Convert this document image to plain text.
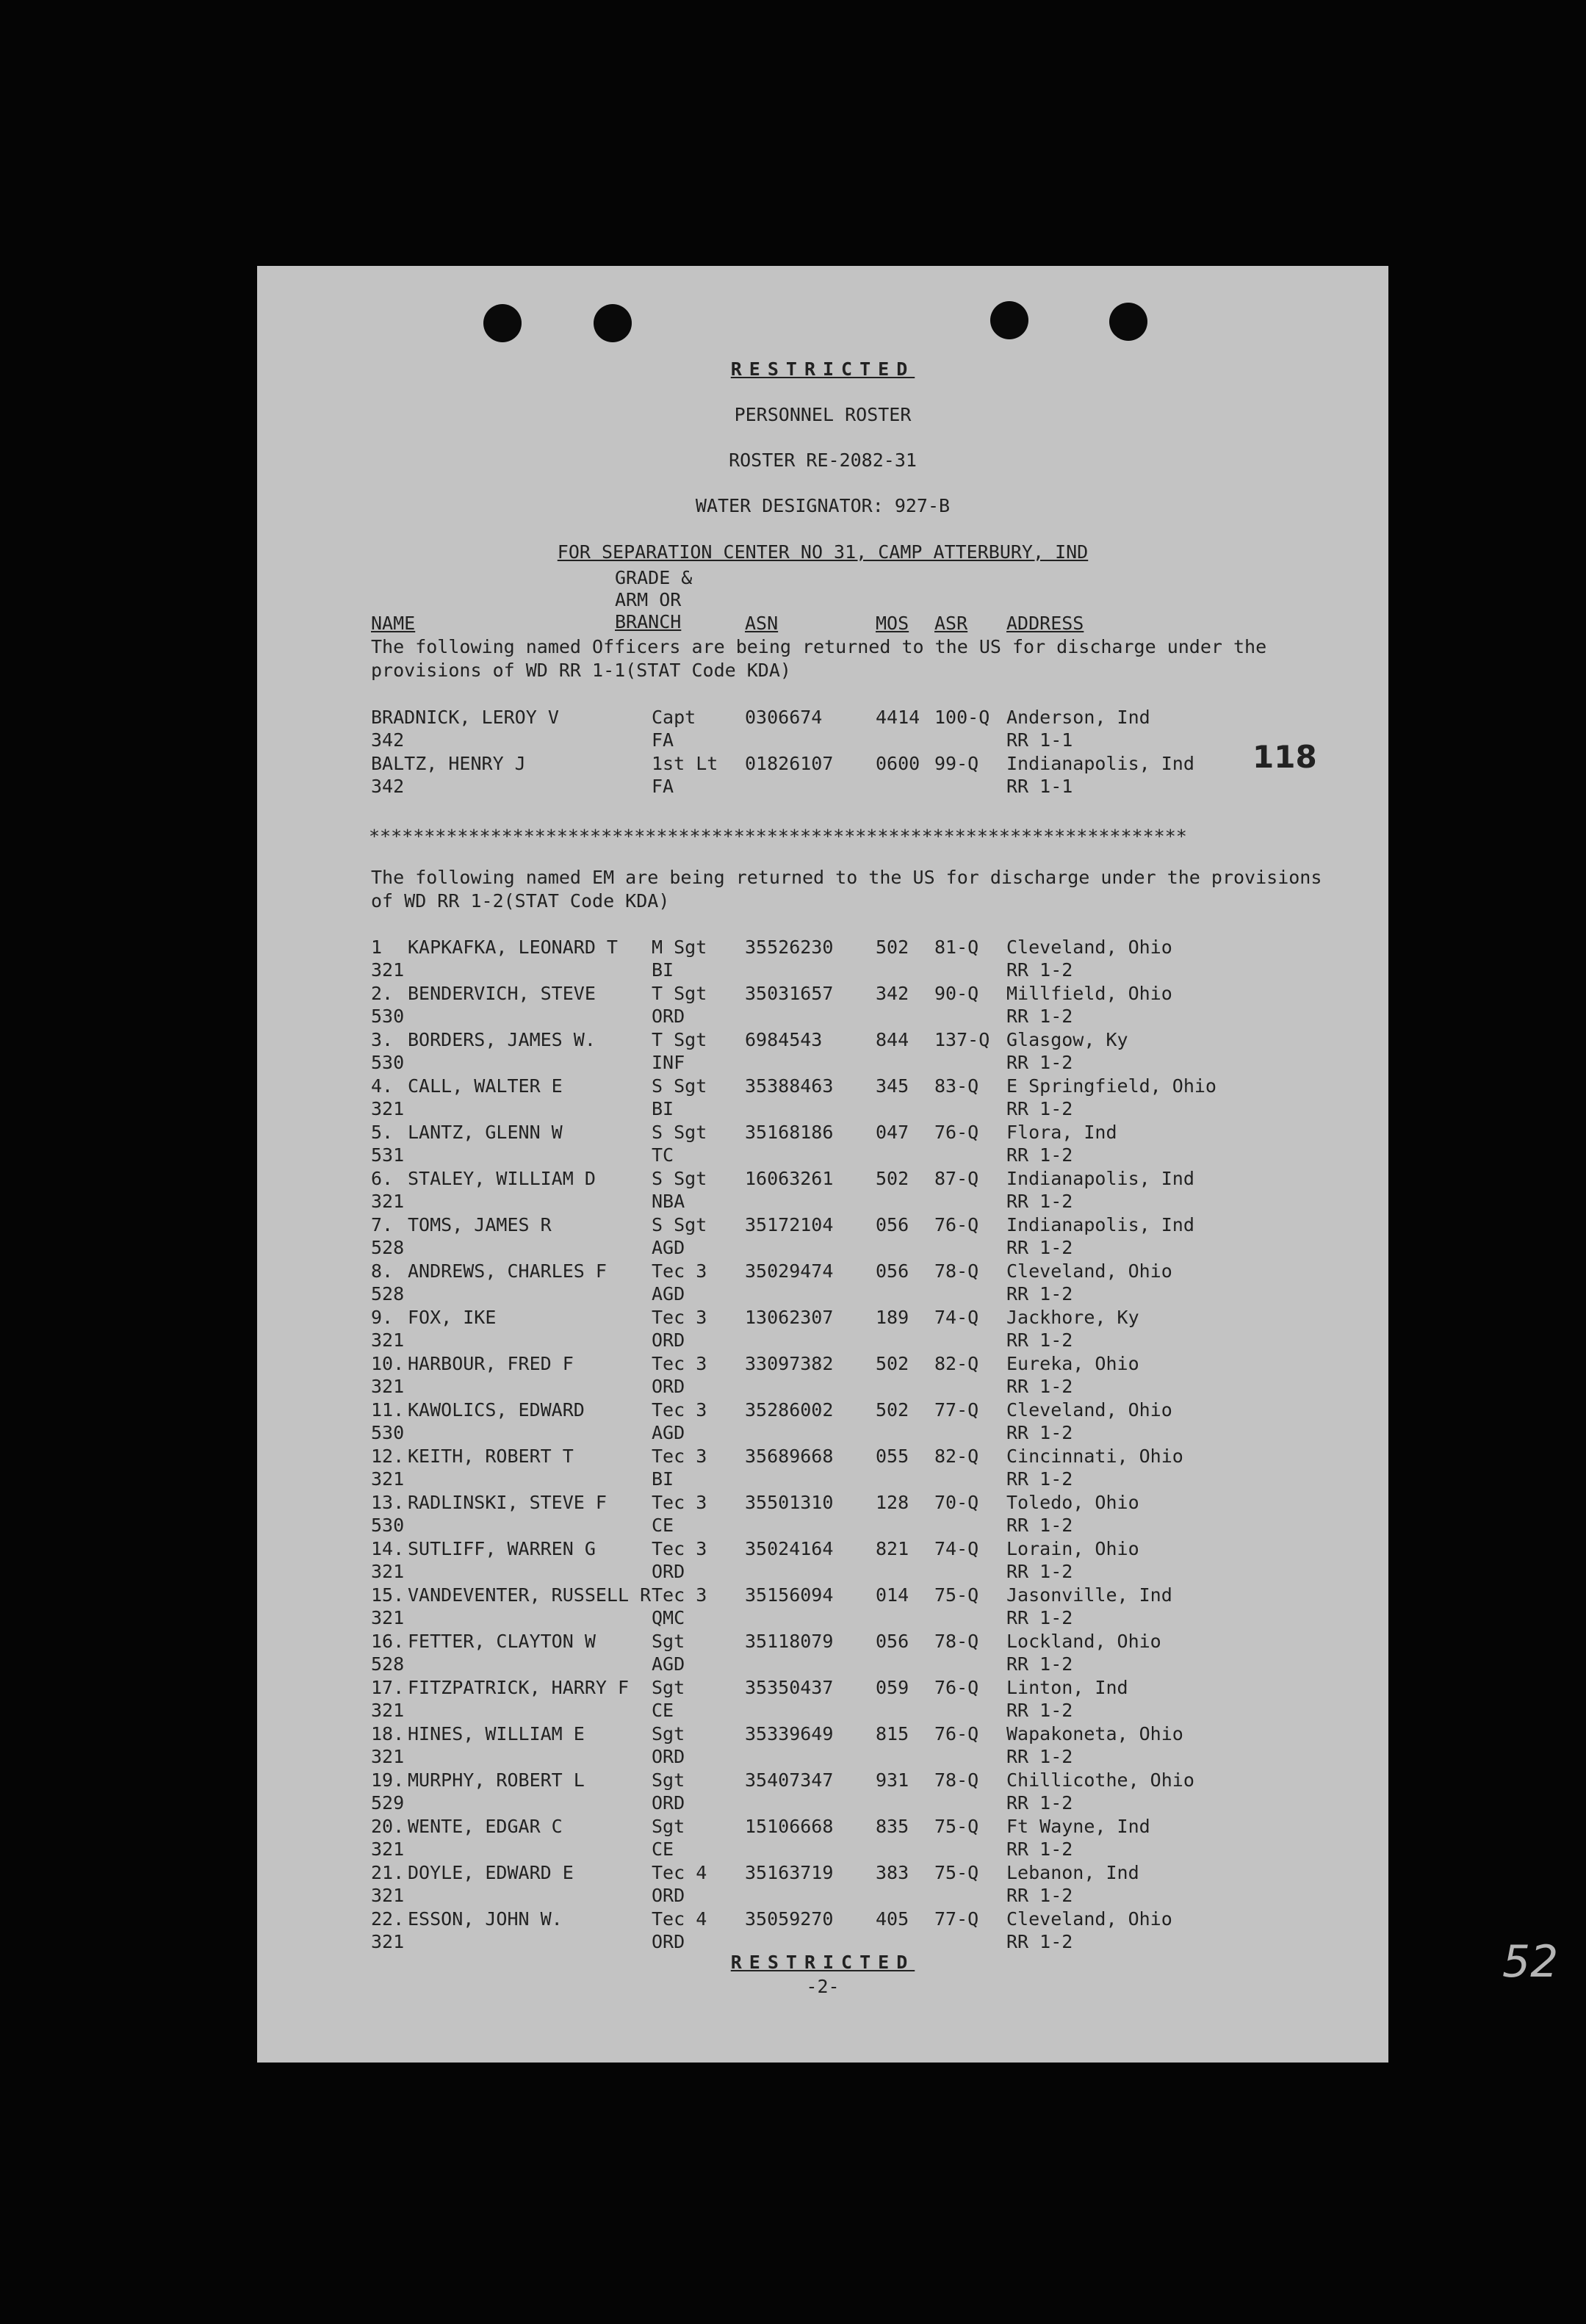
RESTRICTED
PERSONNEL ROSTER
ROSTER RE-2082-31
WATER DESIGNATOR: 927-B
FOR SEPARATION CENTER NO 31, CAMP ATTERBURY, IND
NAME
GRADE &
ARM OR
BRANCH	ASN	MOS ASR ADDRESS
The following named Officers are being returned to the US for discharge under the provisions of WD RR 1-1(STAT Code KDA)
BRADNICK, LEROY V	Capt	0306674	4414 100-Q Anderson, Ind
342	FA	RR 1-1
BALTZ, HENRY J	1st Lt 01826107 0600 99-Q Indianapolis, Ind
342	FA	RR 1-1
118
**************************************************************************
The following named EM are being returned to the US for discharge under the provisions of WD RR 1-2(STAT Code KDA)
1 KAPKAFKA, LEONARD T M Sgt 35526230 502 81-Q Cleveland, Ohio
321	BI	RR 1-2
2. BENDERVICH, STEVE	T Sgt 35031657 342 90-Q Millfield, Ohio
530	ORD	RR 1-2
3. BORDERS, JAMES W.	T Sgt 6984543	844 137-Q Glasgow, Ky
530	INF	RR 1-2
4. CALL, WALTER E	S Sgt 35388463 345 83-Q E Springfield, Ohio
321	BI	RR 1-2
5. LANTZ, GLENN W	S Sgt 35168186 047 76-Q Flora, Ind
531	TC	RR 1-2
6. STALEY, WILLIAM D	S Sgt 16063261 502 87-Q Indianapolis, Ind
321	NBA	RR 1-2
7. TOMS, JAMES R	S Sgt 35172104 056 76-Q Indianapolis, Ind
528	AGD	RR 1-2
8. ANDREWS, CHARLES F Tec 3 35029474 056 78-Q Cleveland, Ohio
528	AGD	RR 1-2
9. FOX, IKE	Tec 3 13062307 189 74-Q Jackhore, Ky
321	ORD	RR 1-2
10. HARBOUR, FRED F	Tec 3 33097382 502 82-Q Eureka, Ohio
321	ORD	RR 1-2
11. KAWOLICS, EDWARD	Tec 3 35286002 502 77-Q Cleveland, Ohio
530	AGD	RR 1-2
12. KEITH, ROBERT T	Tec 3 35689668 055 82-Q Cincinnati, Ohio
321	BI	RR 1-2
13. RADLINSKI, STEVE F Tec 3 35501310 128 70-Q Toledo, Ohio
530	CE	RR 1-2
14. SUTLIFF, WARREN G	Tec 3 35024164 821 74-Q Lorain, Ohio
321	ORD	RR 1-2
15. VANDEVENTER, RUSSELL R Tec 3 35156094 014 75-Q Jasonville, Ind
321	QMC	RR 1-2
16. FETTER, CLAYTON W	Sgt	35118079 056 78-Q Lockland, Ohio
528	AGD	RR 1-2
17. FITZPATRICK, HARRY F Sgt	35350437 059 76-Q Linton, Ind
321	CE	RR 1-2
18. HINES, WILLIAM E	Sgt	35339649 815 76-Q Wapakoneta, Ohio
321	ORD	RR 1-2
19. MURPHY, ROBERT L	Sgt	35407347 931 78-Q Chillicothe, Ohio
529	ORD	RR 1-2
20. WENTE, EDGAR C	Sgt	15106668 835 75-Q Ft Wayne, Ind
321	CE	RR 1-2
21. DOYLE, EDWARD E	Tec 4 35163719 383 75-Q Lebanon, Ind
321	ORD	RR 1-2
22. ESSON, JOHN W.	Tec 4 35059270 405 77-Q Cleveland, Ohio
321	ORD	RR 1-2
RESTRICTED
-2-	52
